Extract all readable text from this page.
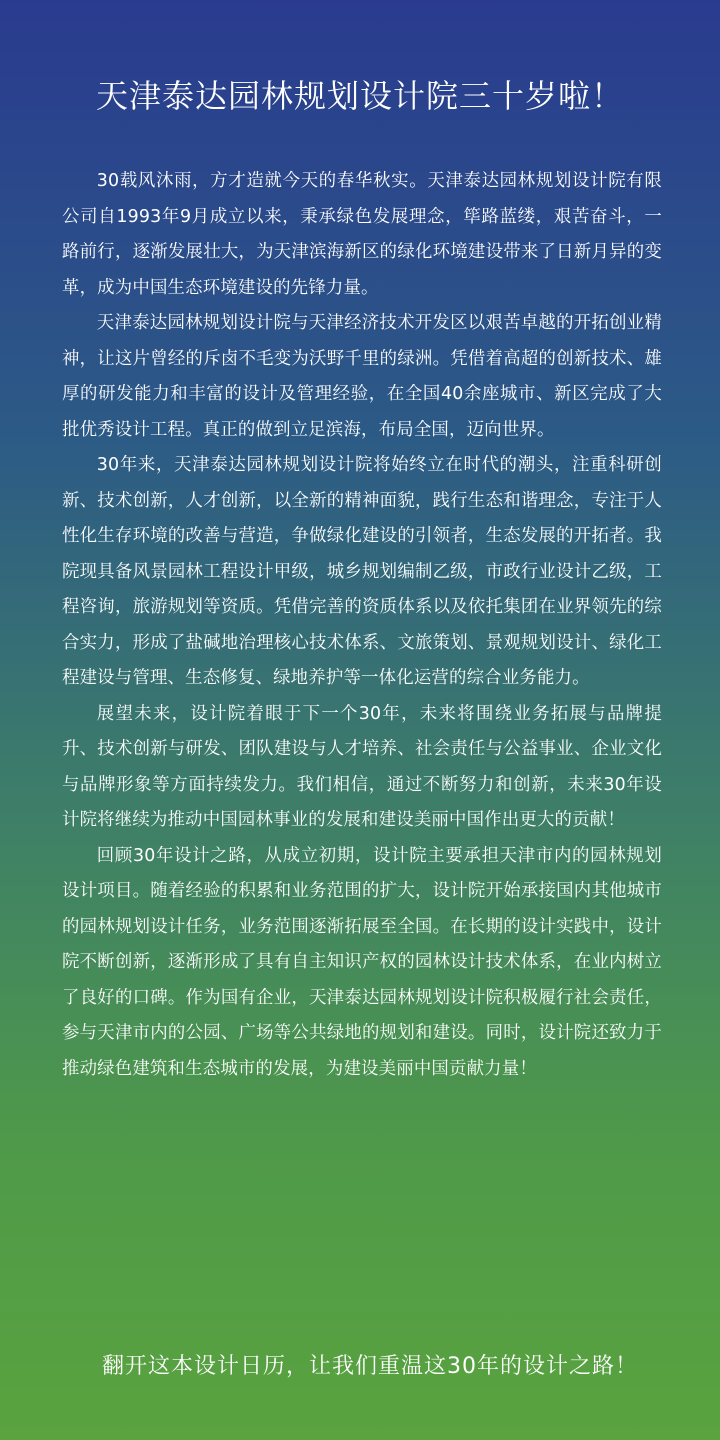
天津泰达园林规划设计院三十岁啦！

30载风沐雨，方才造就今天的春华秋实。天津泰达园林规划设计院有限公司自1993年9月成立以来，秉承绿色发展理念，筚路蓝缕，艰苦奋斗，一路前行，逐渐发展壮大，为天津滨海新区的绿化环境建设带来了日新月异的变革，成为中国生态环境建设的先锋力量。

天津泰达园林规划设计院与天津经济技术开发区以艰苦卓越的开拓创业精神，让这片曾经的斥卤不毛变为沃野千里的绿洲。凭借着高超的创新技术、雄厚的研发能力和丰富的设计及管理经验，在全国40余座城市、新区完成了大批优秀设计工程。真正的做到立足滨海，布局全国，迈向世界。

30年来，天津泰达园林规划设计院将始终立在时代的潮头，注重科研创新、技术创新，人才创新，以全新的精神面貌，践行生态和谐理念，专注于人性化生存环境的改善与营造，争做绿化建设的引领者，生态发展的开拓者。我院现具备风景园林工程设计甲级，城乡规划编制乙级，市政行业设计乙级，工程咨询，旅游规划等资质。凭借完善的资质体系以及依托集团在业界领先的综合实力，形成了盐碱地治理核心技术体系、文旅策划、景观规划设计、绿化工程建设与管理、生态修复、绿地养护等一体化运营的综合业务能力。

展望未来，设计院着眼于下一个30年，未来将围绕业务拓展与品牌提升、技术创新与研发、团队建设与人才培养、社会责任与公益事业、企业文化与品牌形象等方面持续发力。我们相信，通过不断努力和创新，未来30年设计院将继续为推动中国园林事业的发展和建设美丽中国作出更大的贡献！

回顾30年设计之路，从成立初期，设计院主要承担天津市内的园林规划设计项目。随着经验的积累和业务范围的扩大，设计院开始承接国内其他城市的园林规划设计任务，业务范围逐渐拓展至全国。在长期的设计实践中，设计院不断创新，逐渐形成了具有自主知识产权的园林设计技术体系，在业内树立了良好的口碑。作为国有企业，天津泰达园林规划设计院积极履行社会责任，参与天津市内的公园、广场等公共绿地的规划和建设。同时，设计院还致力于推动绿色建筑和生态城市的发展，为建设美丽中国贡献力量！

翻开这本设计日历，让我们重温这30年的设计之路！
